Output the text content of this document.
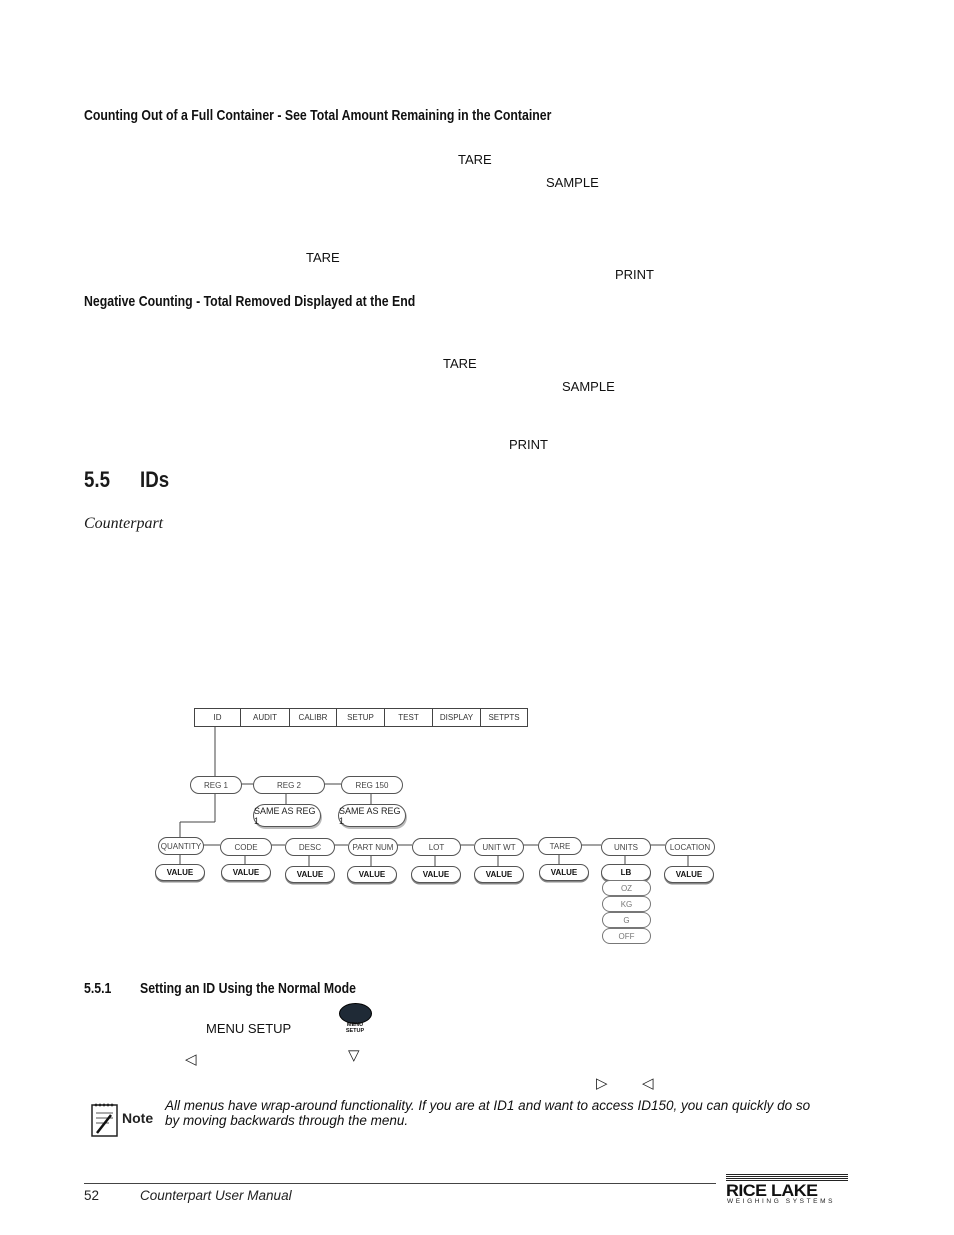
Counting Out of a Full Container - See Total Amount Remaining in the Container
TARE
SAMPLE
TARE
PRINT
Negative Counting - Total Removed Displayed at the End
TARE
SAMPLE
PRINT
5.5 IDs
Counterpart
ID	AUDIT	CALIBR	SETUP	TEST	DISPLAY	SETPTS
REG 1	REG 2	REG 150
SAME AS REG 1
SAME AS REG 1
QUANTITY	CODE	DESC	PART NUM	LOT	UNIT WT	TARE	UNITS	LOCATION
VALUE	VALUE	VALUE	VALUE	VALUE	VALUE	VALUE	VALUE
LB
OZ
KG
G
OFF
5.5.1 Setting an ID Using the Normal Mode
MENU SETUP	MENU
SETUP
◁	▽
▷ ◁
Note
All menus have wrap-around functionality. If you are at ID1 and want to access ID150, you can quickly do so
by moving backwards through the menu.
52	Counterpart User Manual	RICE LAKE
WEIGHING SYSTEMS
